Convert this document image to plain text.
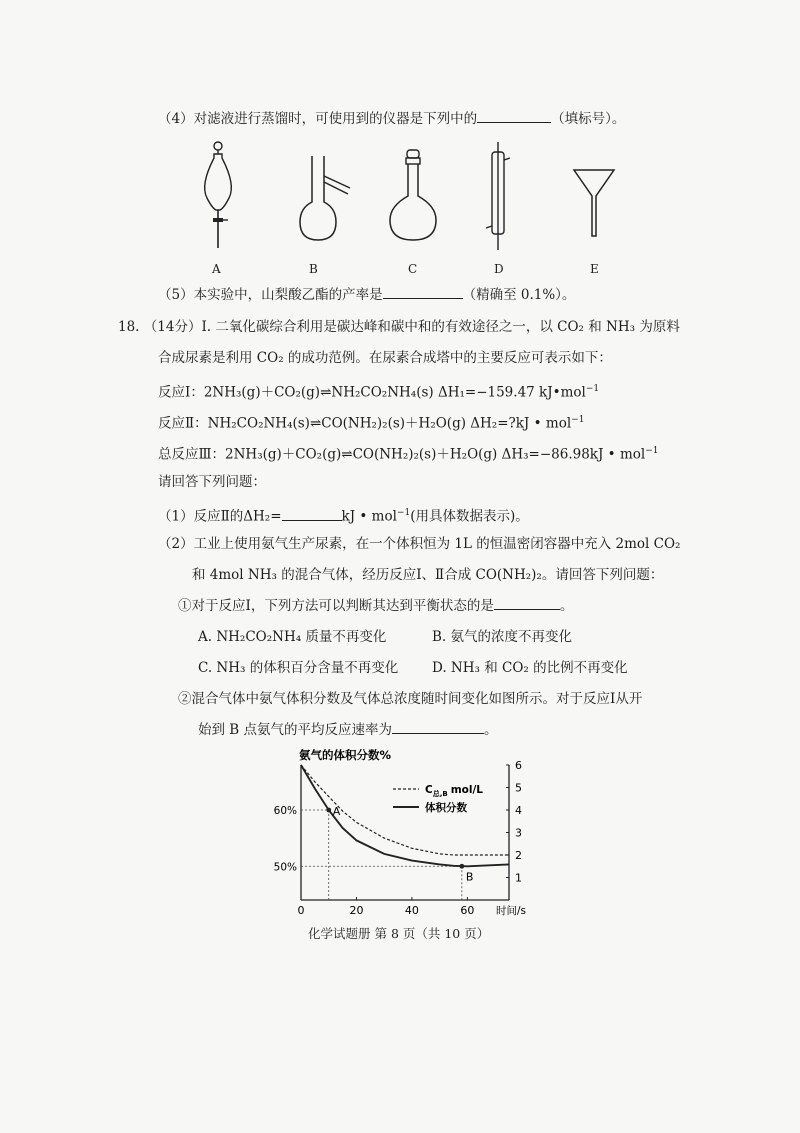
（4）对滤液进行蒸馏时，可使用到的仪器是下列中的	（填标号）。
A	B	C	D	E
（5）本实验中，山梨酸乙酯的产率是	（精确至 0.1%）。
18. （14分）Ⅰ. 二氧化碳综合利用是碳达峰和碳中和的有效途径之一，以 CO₂ 和 NH₃ 为原料
合成尿素是利用 CO₂ 的成功范例。在尿素合成塔中的主要反应可表示如下：
反应Ⅰ：2NH₃(g)＋CO₂(g)⇌NH₂CO₂NH₄(s) ΔH₁=−159.47 kJ•mol$^{-1}$
反应Ⅱ：NH₂CO₂NH₄(s)⇌CO(NH₂)₂(s)＋H₂O(g) ΔH₂=?kJ • mol$^{-1}$
总反应Ⅲ：2NH₃(g)＋CO₂(g)⇌CO(NH₂)₂(s)＋H₂O(g) ΔH₃=−86.98kJ • mol$^{-1}$
请回答下列问题：
（1）反应Ⅱ的ΔH₂=	kJ • mol$^{-1}$(用具体数据表示)。
（2）工业上使用氨气生产尿素，在一个体积恒为 1L 的恒温密闭容器中充入 2mol CO₂
和 4mol NH₃ 的混合气体，经历反应Ⅰ、Ⅱ合成 CO(NH₂)₂。请回答下列问题：
①对于反应Ⅰ，下列方法可以判断其达到平衡状态的是	。
A. NH₂CO₂NH₄ 质量不再变化	B. 氨气的浓度不再变化
C. NH₃ 的体积百分含量不再变化	D. NH₃ 和 CO₂ 的比例不再变化
②混合气体中氨气体积分数及气体总浓度随时间变化如图所示。对于反应Ⅰ从开
始到 B 点氨气的平均反应速率为	。
氨气的体积分数%
A
B
0	20	40	60 时间/s
1
2
3
4
5
6
60%
50%
$C_{总,B}$ mol/L
体积分数
化学试题册 第 8 页（共 10 页）
